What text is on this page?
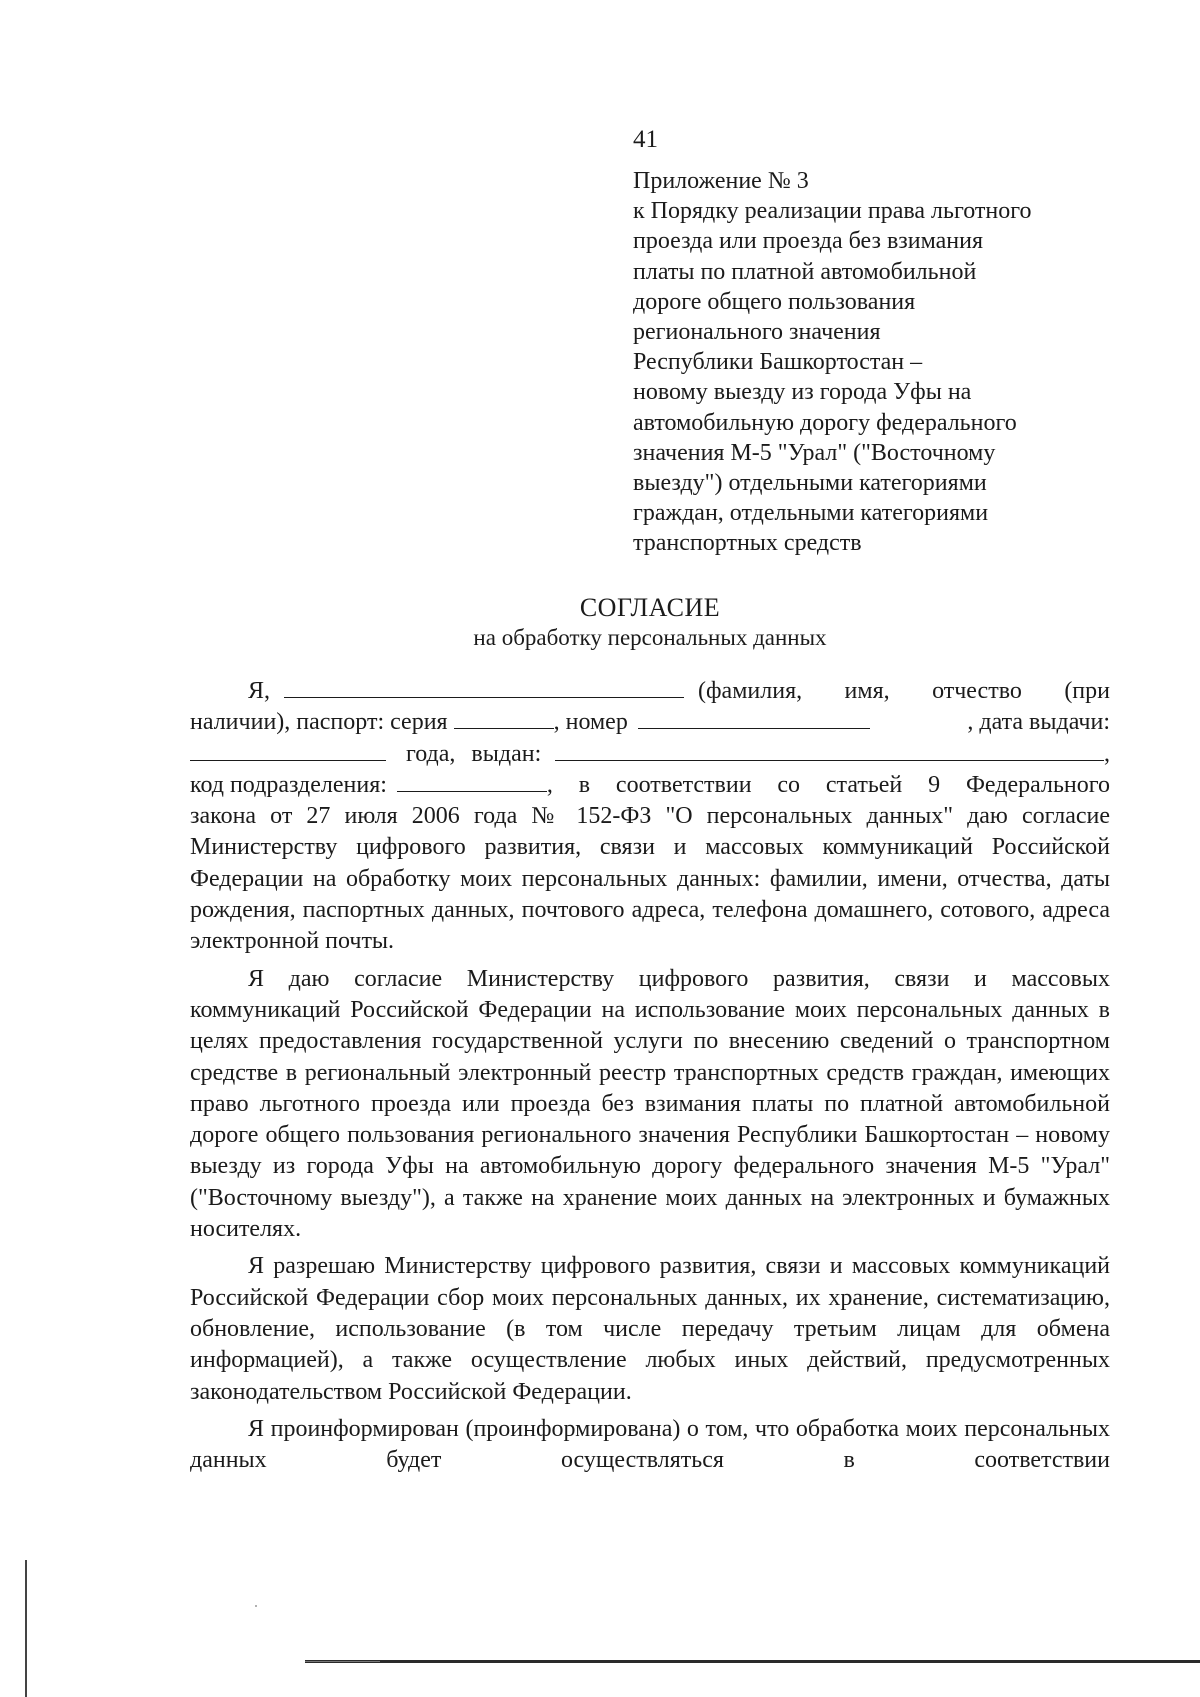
41
Приложение № 3
к Порядку реализации права льготного
проезда или проезда без взимания
платы по платной автомобильной
дороге общего пользования
регионального значения
Республики Башкортостан –
новому выезду из города Уфы на
автомобильную дорогу федерального
значения М-5 "Урал" ("Восточному
выезду") отдельными категориями
граждан, отдельными категориями
транспортных средств
СОГЛАСИЕ
на обработку персональных данных
Я,	(фамилия, имя, отчество (при
наличии), паспорт: серия	, номер	, дата выдачи:
года, выдан:	,
код подразделения:	, в соответствии со статьей 9 Федерального

закона от 27 июля 2006 года № 152-ФЗ "О персональных данных" даю согласие Министерству цифрового развития, связи и массовых коммуникаций Российской Федерации на обработку моих персональных данных: фамилии, имени, отчества, даты рождения, паспортных данных, почтового адреса, телефона домашнего, сотового, адреса электронной почты.

Я даю согласие Министерству цифрового развития, связи и массовых коммуникаций Российской Федерации на использование моих персональных данных в целях предоставления государственной услуги по внесению сведений о транспортном средстве в региональный электронный реестр транспортных средств граждан, имеющих право льготного проезда или проезда без взимания платы по платной автомобильной дороге общего пользования регионального значения Республики Башкортостан – новому выезду из города Уфы на автомобильную дорогу федерального значения М-5 "Урал" ("Восточному выезду"), а также на хранение моих данных на электронных и бумажных носителях.

Я разрешаю Министерству цифрового развития, связи и массовых коммуникаций Российской Федерации сбор моих персональных данных, их хранение, систематизацию, обновление, использование (в том числе передачу третьим лицам для обмена информацией), а также осуществление любых иных действий, предусмотренных законодательством Российской Федерации.

Я проинформирован (проинформирована) о том, что обработка моих персональных данных будет осуществляться в соответствии
